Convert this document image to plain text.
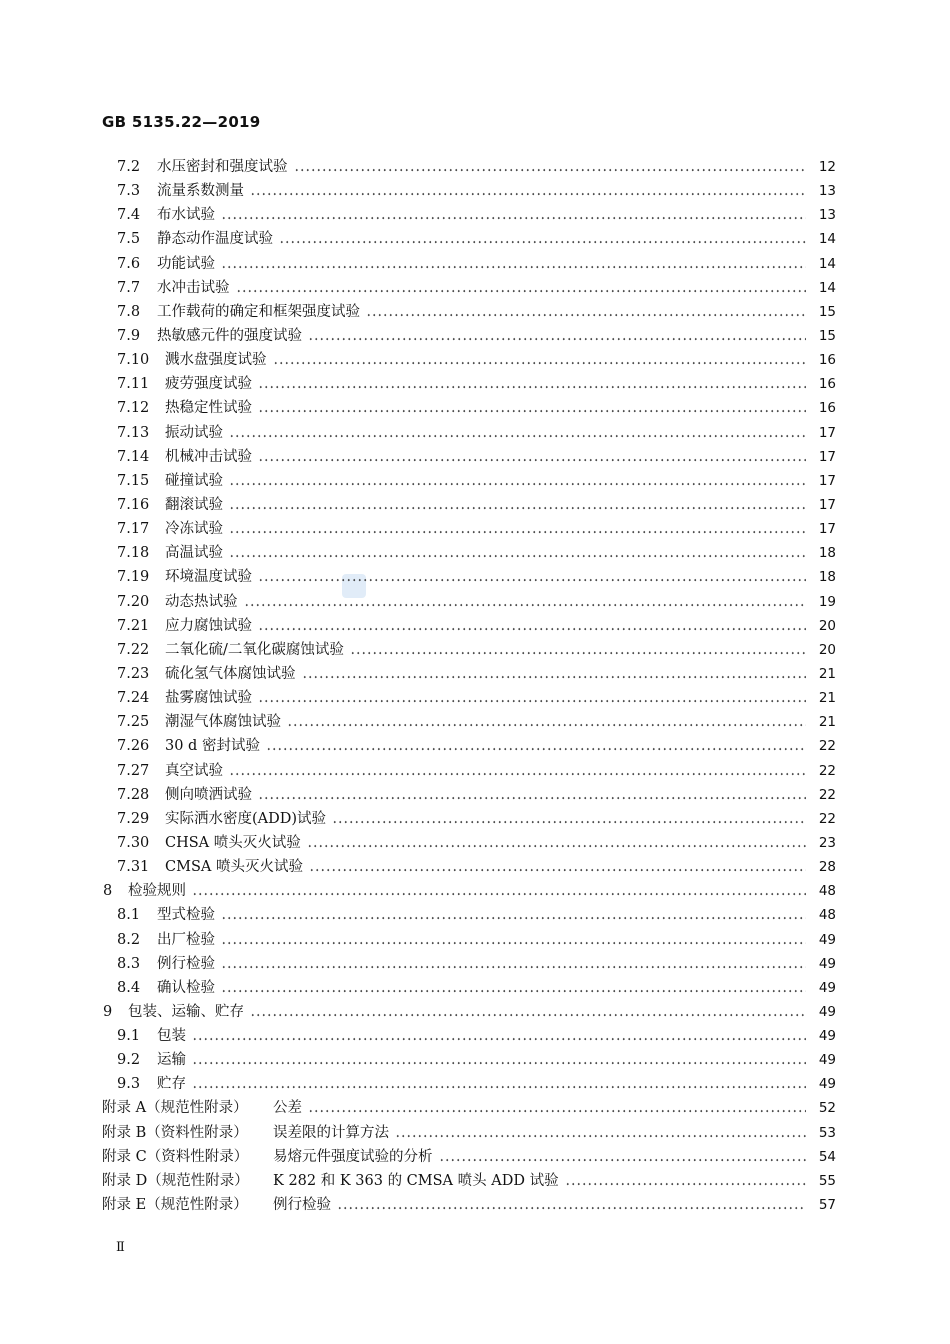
GB 5135.22—2019
7.2 水压密封和强度试验	12
7.3 流量系数测量	13
7.4 布水试验	13
7.5 静态动作温度试验	14
7.6 功能试验	14
7.7 水冲击试验	14
7.8 工作载荷的确定和框架强度试验	15
7.9 热敏感元件的强度试验	15
7.10 溅水盘强度试验	16
7.11 疲劳强度试验	16
7.12 热稳定性试验	16
7.13 振动试验	17
7.14 机械冲击试验	17
7.15 碰撞试验	17
7.16 翻滚试验	17
7.17 冷冻试验	17
7.18 高温试验	18
7.19 环境温度试验	18
7.20 动态热试验	19
7.21 应力腐蚀试验	20
7.22 二氧化硫/二氧化碳腐蚀试验	20
7.23 硫化氢气体腐蚀试验	21
7.24 盐雾腐蚀试验	21
7.25 潮湿气体腐蚀试验	21
7.26 30 d 密封试验	22
7.27 真空试验	22
7.28 侧向喷洒试验	22
7.29 实际洒水密度(ADD)试验	22
7.30 CHSA 喷头灭火试验	23
7.31 CMSA 喷头灭火试验	28
8 检验规则	48
8.1 型式检验	48
8.2 出厂检验	49
8.3 例行检验	49
8.4 确认检验	49
9 包装、运输、贮存	49
9.1 包装	49
9.2 运输	49
9.3 贮存	49
附录 A（规范性附录） 公差	52
附录 B（资料性附录） 误差限的计算方法	53
附录 C（资料性附录） 易熔元件强度试验的分析	54
附录 D（规范性附录） K 282 和 K 363 的 CMSA 喷头 ADD 试验	55
附录 E（规范性附录） 例行检验	57
Ⅱ
